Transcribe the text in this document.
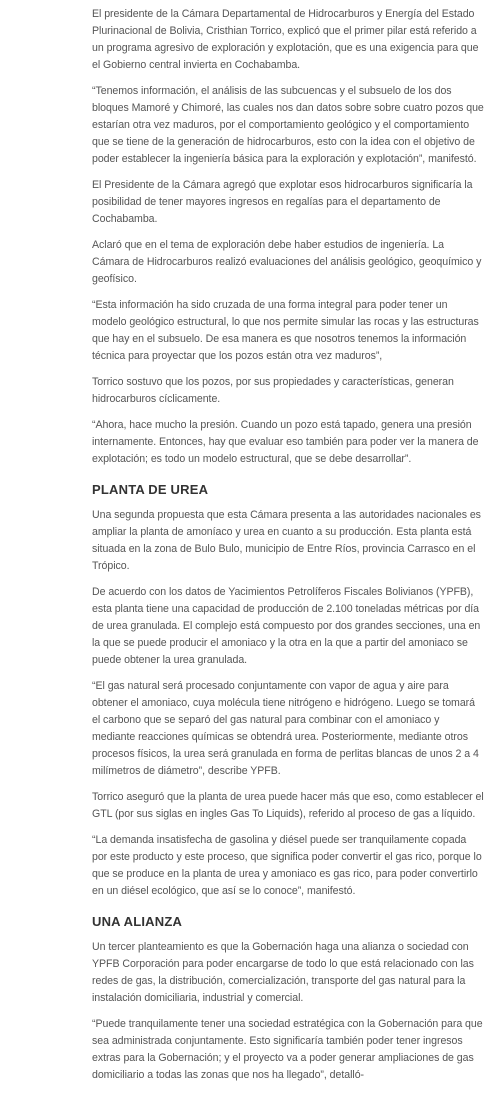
El presidente de la Cámara Departamental de Hidrocarburos y Energía del Estado Plurinacional de Bolivia, Cristhian Torrico, explicó que el primer pilar está referido a un programa agresivo de exploración y explotación, que es una exigencia para que el Gobierno central invierta en Cochabamba.

“Tenemos información, el análisis de las subcuencas y el subsuelo de los dos bloques Mamoré y Chimoré, las cuales nos dan datos sobre sobre cuatro pozos que estarían otra vez maduros, por el comportamiento geológico y el comportamiento que se tiene de la generación de hidrocarburos, esto con la idea con el objetivo de poder establecer la ingeniería básica para la exploración y explotación”, manifestó.

El Presidente de la Cámara agregó que explotar esos hidrocarburos significaría la posibilidad de tener mayores ingresos en regalías para el departamento de Cochabamba.

Aclaró que en el tema de exploración debe haber estudios de ingeniería. La Cámara de Hidrocarburos realizó evaluaciones del análisis geológico, geoquímico y geofísico.

“Esta información ha sido cruzada de una forma integral para poder tener un modelo geológico estructural, lo que nos permite simular las rocas y las estructuras que hay en el subsuelo. De esa manera es que nosotros tenemos la información técnica para proyectar que los pozos están otra vez maduros”,

Torrico sostuvo que los pozos, por sus propiedades y características, generan hidrocarburos cíclicamente.

“Ahora, hace mucho la presión. Cuando un pozo está tapado, genera una presión internamente. Entonces, hay que evaluar eso también para poder ver la manera de explotación; es todo un modelo estructural, que se debe desarrollar”.

PLANTA DE UREA

Una segunda propuesta que esta Cámara presenta a las autoridades nacionales es ampliar la planta de amoníaco y urea en cuanto a su producción. Esta planta está situada en la zona de Bulo Bulo, municipio de Entre Ríos, provincia Carrasco en el Trópico.

De acuerdo con los datos de Yacimientos Petrolíferos Fiscales Bolivianos (YPFB), esta planta tiene una capacidad de producción de 2.100 toneladas métricas por día de urea granulada. El complejo está compuesto por dos grandes secciones, una en la que se puede producir el amoniaco y la otra en la que a partir del amoniaco se puede obtener la urea granulada.

“El gas natural será procesado conjuntamente con vapor de agua y aire para obtener el amoniaco, cuya molécula tiene nitrógeno e hidrógeno. Luego se tomará el carbono que se separó del gas natural para combinar con el amoniaco y mediante reacciones químicas se obtendrá urea. Posteriormente, mediante otros procesos físicos, la urea será granulada en forma de perlitas blancas de unos 2 a 4 milímetros de diámetro”, describe YPFB.

Torrico aseguró que la planta de urea puede hacer más que eso, como establecer el GTL (por sus siglas en ingles Gas To Liquids), referido al proceso de gas a líquido.

“La demanda insatisfecha de gasolina y diésel puede ser tranquilamente copada por este producto y este proceso, que significa poder convertir el gas rico, porque lo que se produce en la planta de urea y amoniaco es gas rico, para poder convertirlo en un diésel ecológico, que así se lo conoce”, manifestó.

UNA ALIANZA

Un tercer planteamiento es que la Gobernación haga una alianza o sociedad con YPFB Corporación para poder encargarse de todo lo que está relacionado con las redes de gas, la distribución, comercialización, transporte del gas natural para la instalación domiciliaria, industrial y comercial.

“Puede tranquilamente tener una sociedad estratégica con la Gobernación para que sea administrada conjuntamente. Esto significaría también poder tener ingresos extras para la Gobernación; y el proyecto va a poder generar ampliaciones de gas domiciliario a todas las zonas que nos ha llegado”, detalló-
